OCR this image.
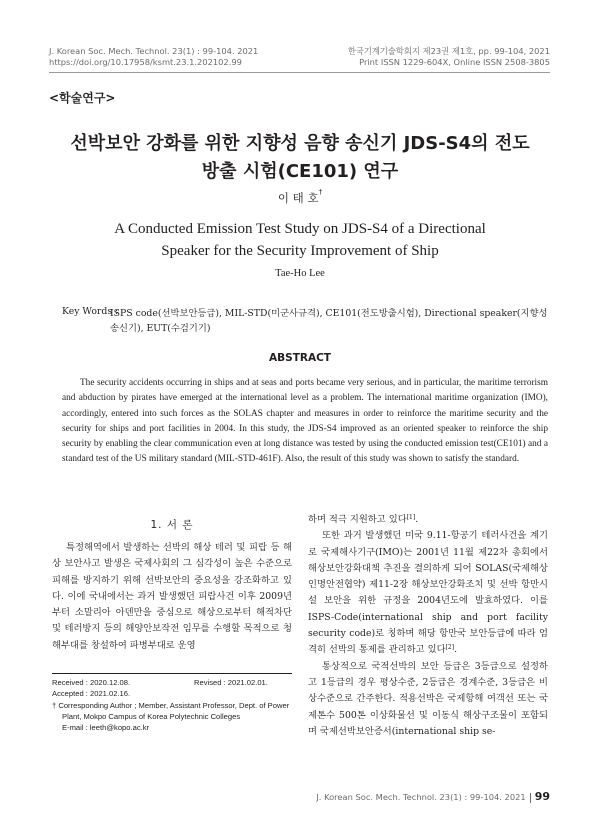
J. Korean Soc. Mech. Technol. 23(1) : 99-104. 2021
https://doi.org/10.17958/ksmt.23.1.202102.99
한국기계기술학회지 제23권 제1호, pp. 99-104, 2021
Print ISSN 1229-604X, Online ISSN 2508-3805
<학술연구>
선박보안 강화를 위한 지향성 음향 송신기 JDS-S4의 전도
방출 시험(CE101) 연구
이 태 호†
A Conducted Emission Test Study on JDS-S4 of a Directional
Speaker for the Security Improvement of Ship
Tae-Ho Lee
Key Words :
ISPS code(선박보안등급), MIL-STD(미군사규격), CE101(전도방출시험), Directional speaker(지향성 송신기), EUT(수검기기)
ABSTRACT
The security accidents occurring in ships and at seas and ports became very serious, and in particular, the maritime terrorism and abduction by pirates have emerged at the international level as a problem. The international maritime organization (IMO), accordingly, entered into such forces as the SOLAS chapter and measures in order to reinforce the maritime security and the security for ships and port facilities in 2004. In this study, the JDS-S4 improved as an oriented speaker to reinforce the ship security by enabling the clear communication even at long distance was tested by using the conducted emission test(CE101) and a standard test of the US military standard (MIL-STD-461F). Also, the result of this study was shown to satisfy the standard.
1. 서 론

특정해역에서 발생하는 선박의 해상 테러 및 피랍 등 해상 보안사고 발생은 국제사회의 그 심각성이 높은 수준으로 피해를 방지하기 위해 선박보안의 중요성을 강조화하고 있다. 이에 국내에서는 과거 발생했던 피랍사건 이후 2009년 부터 소말리아 아덴만을 중심으로 해상으로부터 해적차단 및 테러방지 등의 해양안보작전 임무를 수행할 목적으로 청해부대를 창설하여 파병부대로 운영

하며 적극 지원하고 있다[1].

또한 과거 발생했던 미국 9.11-항공기 테러사건을 계기로 국제해사기구(IMO)는 2001년 11월 제22차 총회에서 해상보안강화대책 추진을 결의하게 되어 SOLAS(국제해상인명안전협약) 제11-2장 해상보안강화조치 및 선박 항만시설 보안을 위한 규정을 2004년도에 발효하였다. 이를 ISPS-Code(international ship and port facility security code)로 칭하며 해당 항만국 보안등급에 따라 엄격히 선박의 통제를 관리하고 있다[2].

통상적으로 국적선박의 보안 등급은 3등급으로 설정하고 1등급의 경우 평상수준, 2등급은 경계수준, 3등급은 비상수준으로 간주한다. 적용선박은 국제항해 여객선 또는 국제톤수 500톤 이상화물선 및 이동식 해상구조물이 포함되며 국제선박보안증서(international ship se-

Received : 2020.12.08.	Revised : 2021.02.01.
Accepted : 2021.02.16.
† Corresponding Author ; Member, Assistant Professor, Dept. of Power Plant, Mokpo Campus of Korea Polytechnic Colleges
E-mail : leeth@kopo.ac.kr
J. Korean Soc. Mech. Technol. 23(1) : 99-104. 2021 99
